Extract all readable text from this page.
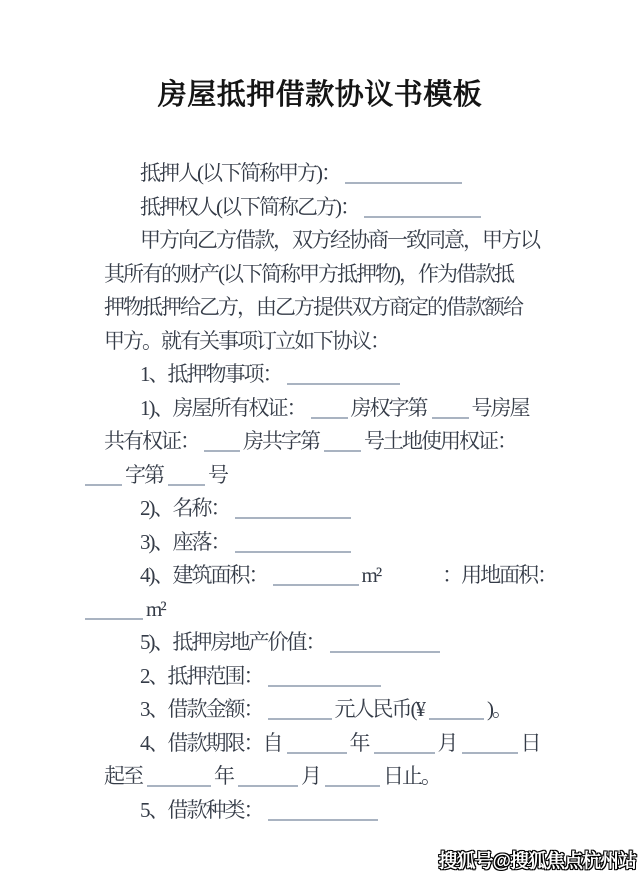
房屋抵押借款协议书模板
抵押人(以下简称甲方)：
抵押权人(以下简称乙方)：
甲方向乙方借款，双方经协商一致同意，甲方以
其所有的财产(以下简称甲方抵押物)，作为借款抵
押物抵押给乙方，由乙方提供双方商定的借款额给
甲方。就有关事项订立如下协议：
1、抵押物事项：
1)、房屋所有权证： 房权字第 号房屋
共有权证： 房共字第 号土地使用权证：
字第 号
2)、名称：
3)、座落：
4)、建筑面积：	m²	：用地面积：
m²
5)、抵押房地产价值：
2、抵押范围：
3、借款金额：	元人民币(¥	)。
4、借款期限：自	年	月	日
起至	年	月	日止。
5、借款种类：
搜狐号@搜狐焦点杭州站
